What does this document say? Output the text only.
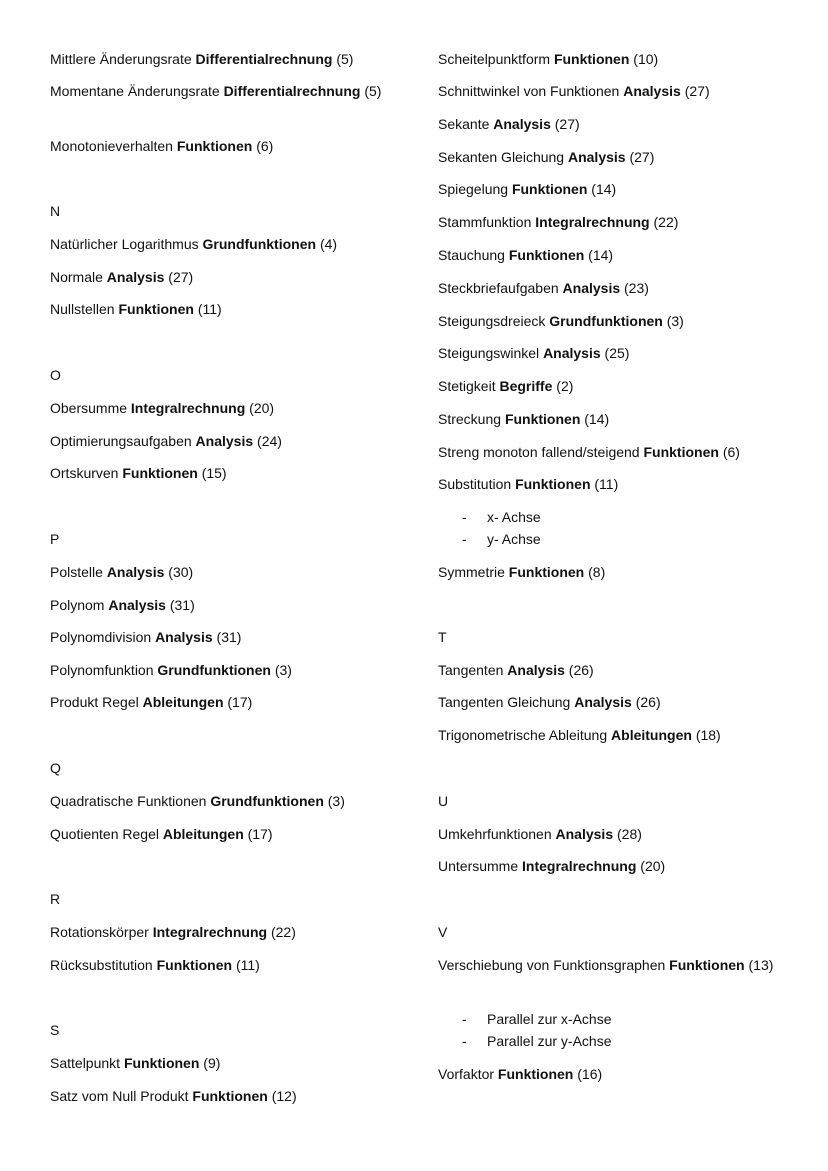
Mittlere Änderungsrate Differentialrechnung (5)
Momentane Änderungsrate Differentialrechnung (5)
Monotonieverhalten Funktionen (6)
N
Natürlicher Logarithmus Grundfunktionen (4)
Normale Analysis (27)
Nullstellen Funktionen (11)
O
Obersumme Integralrechnung (20)
Optimierungsaufgaben Analysis (24)
Ortskurven Funktionen (15)
P
Polstelle Analysis (30)
Polynom Analysis (31)
Polynomdivision Analysis (31)
Polynomfunktion Grundfunktionen (3)
Produkt Regel Ableitungen (17)
Q
Quadratische Funktionen Grundfunktionen (3)
Quotienten Regel Ableitungen (17)
R
Rotationskörper Integralrechnung (22)
Rücksubstitution Funktionen (11)
S
Sattelpunkt Funktionen (9)
Satz vom Null Produkt Funktionen (12)
Scheitelpunktform Funktionen (10)
Schnittwinkel von Funktionen Analysis (27)
Sekante Analysis (27)
Sekanten Gleichung Analysis (27)
Spiegelung Funktionen (14)
Stammfunktion Integralrechnung (22)
Stauchung Funktionen (14)
Steckbriefaufgaben Analysis (23)
Steigungsdreieck Grundfunktionen (3)
Steigungswinkel Analysis (25)
Stetigkeit Begriffe (2)
Streckung Funktionen (14)
Streng monoton fallend/steigend Funktionen (6)
Substitution Funktionen (11)
- x- Achse
- y- Achse
Symmetrie Funktionen (8)
T
Tangenten Analysis (26)
Tangenten Gleichung Analysis (26)
Trigonometrische Ableitung Ableitungen (18)
U
Umkehrfunktionen Analysis (28)
Untersumme Integralrechnung (20)
V
Verschiebung von Funktionsgraphen Funktionen (13)
- Parallel zur x-Achse
- Parallel zur y-Achse
Vorfaktor Funktionen (16)
